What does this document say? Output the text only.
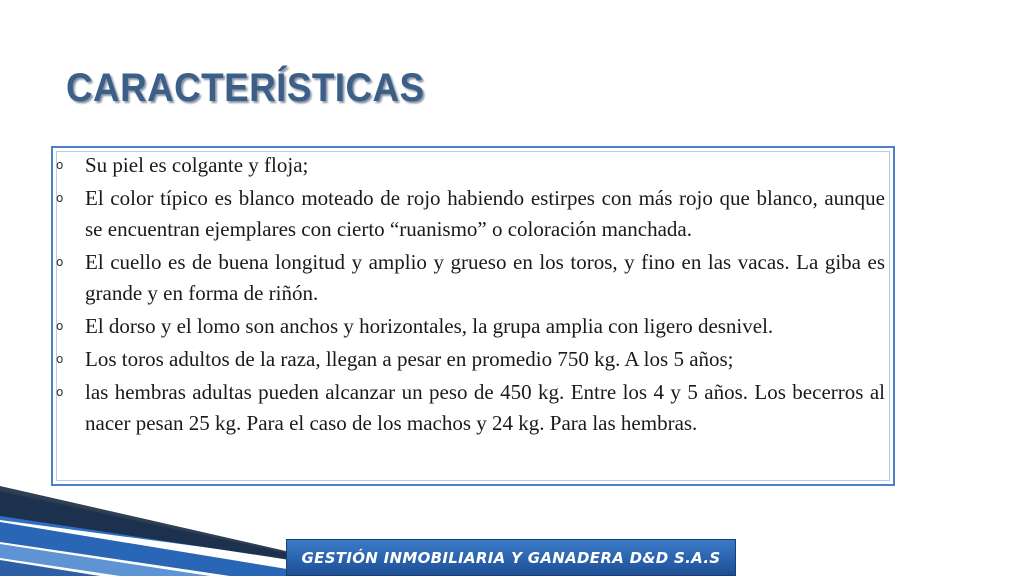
CARACTERÍSTICAS
o Su piel es colgante y floja;
o El color típico es blanco moteado de rojo habiendo estirpes con más rojo que blanco, aunque se encuentran ejemplares con cierto “ruanismo” o coloración manchada.
o El cuello es de buena longitud y amplio y grueso en los toros, y fino en las vacas. La giba es grande y en forma de riñón.
o El dorso y el lomo son anchos y horizontales, la grupa amplia con ligero desnivel.
o Los toros adultos de la raza, llegan a pesar en promedio 750 kg. A los 5 años;
o las hembras adultas pueden alcanzar un peso de 450 kg. Entre los 4 y 5 años. Los becerros al nacer pesan 25 kg. Para el caso de los machos y 24 kg. Para las hembras.
GESTIÓN INMOBILIARIA Y GANADERA D&D S.A.S
